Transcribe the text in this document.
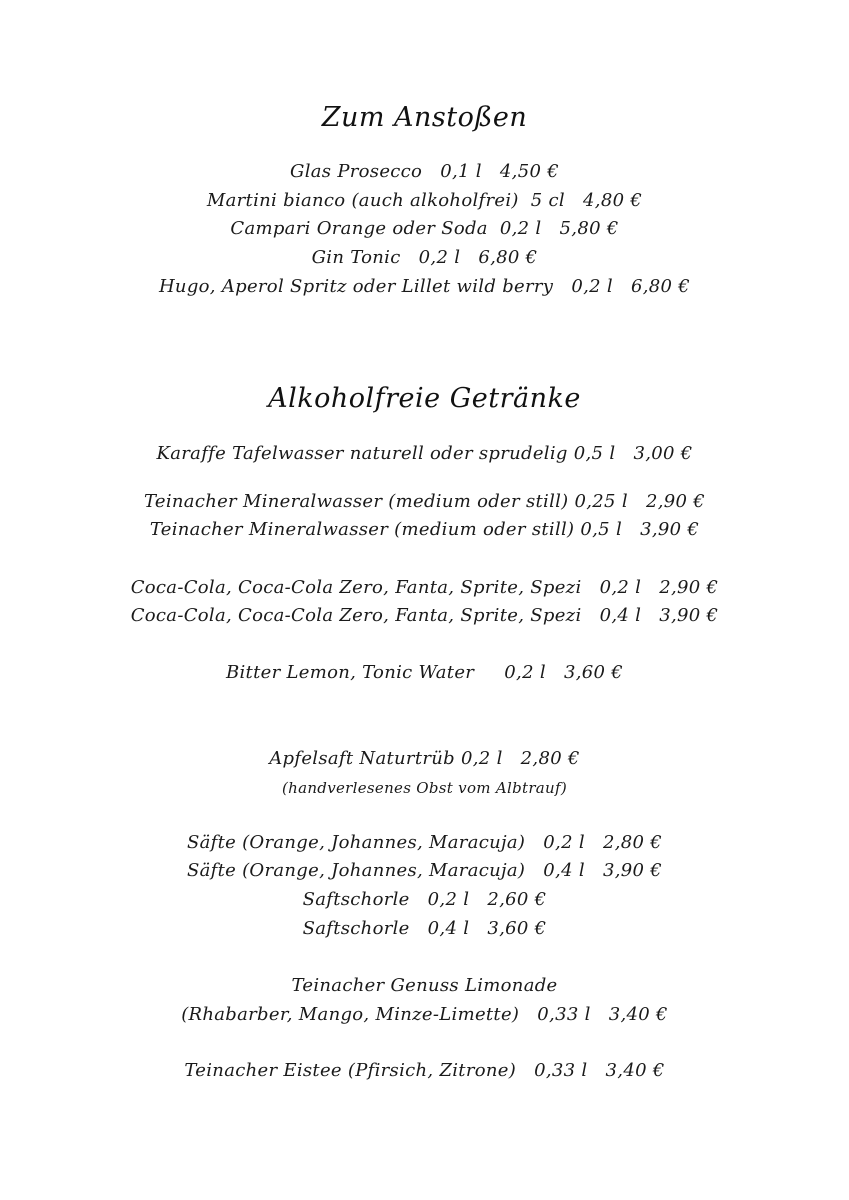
Zum Anstoßen
Glas Prosecco   0,1 l   4,50 €
Martini bianco (auch alkoholfrei)  5 cl   4,80 €
Campari Orange oder Soda  0,2 l   5,80 €
Gin Tonic   0,2 l   6,80 €
Hugo, Aperol Spritz oder Lillet wild berry   0,2 l   6,80 €
Alkoholfreie Getränke
Karaffe Tafelwasser naturell oder sprudelig 0,5 l   3,00 €
Teinacher Mineralwasser (medium oder still) 0,25 l   2,90 €
Teinacher Mineralwasser (medium oder still) 0,5 l   3,90 €
Coca-Cola, Coca-Cola Zero, Fanta, Sprite, Spezi   0,2 l   2,90 €
Coca-Cola, Coca-Cola Zero, Fanta, Sprite, Spezi   0,4 l   3,90 €
Bitter Lemon, Tonic Water     0,2 l   3,60 €
Apfelsaft Naturtrüb 0,2 l   2,80 €
(handverlesenes Obst vom Albtrauf)
Säfte (Orange, Johannes, Maracuja)   0,2 l   2,80 €
Säfte (Orange, Johannes, Maracuja)   0,4 l   3,90 €
Saftschorle   0,2 l   2,60 €
Saftschorle   0,4 l   3,60 €
Teinacher Genuss Limonade
(Rhabarber, Mango, Minze-Limette)   0,33 l   3,40 €
Teinacher Eistee (Pfirsich, Zitrone)   0,33 l   3,40 €
